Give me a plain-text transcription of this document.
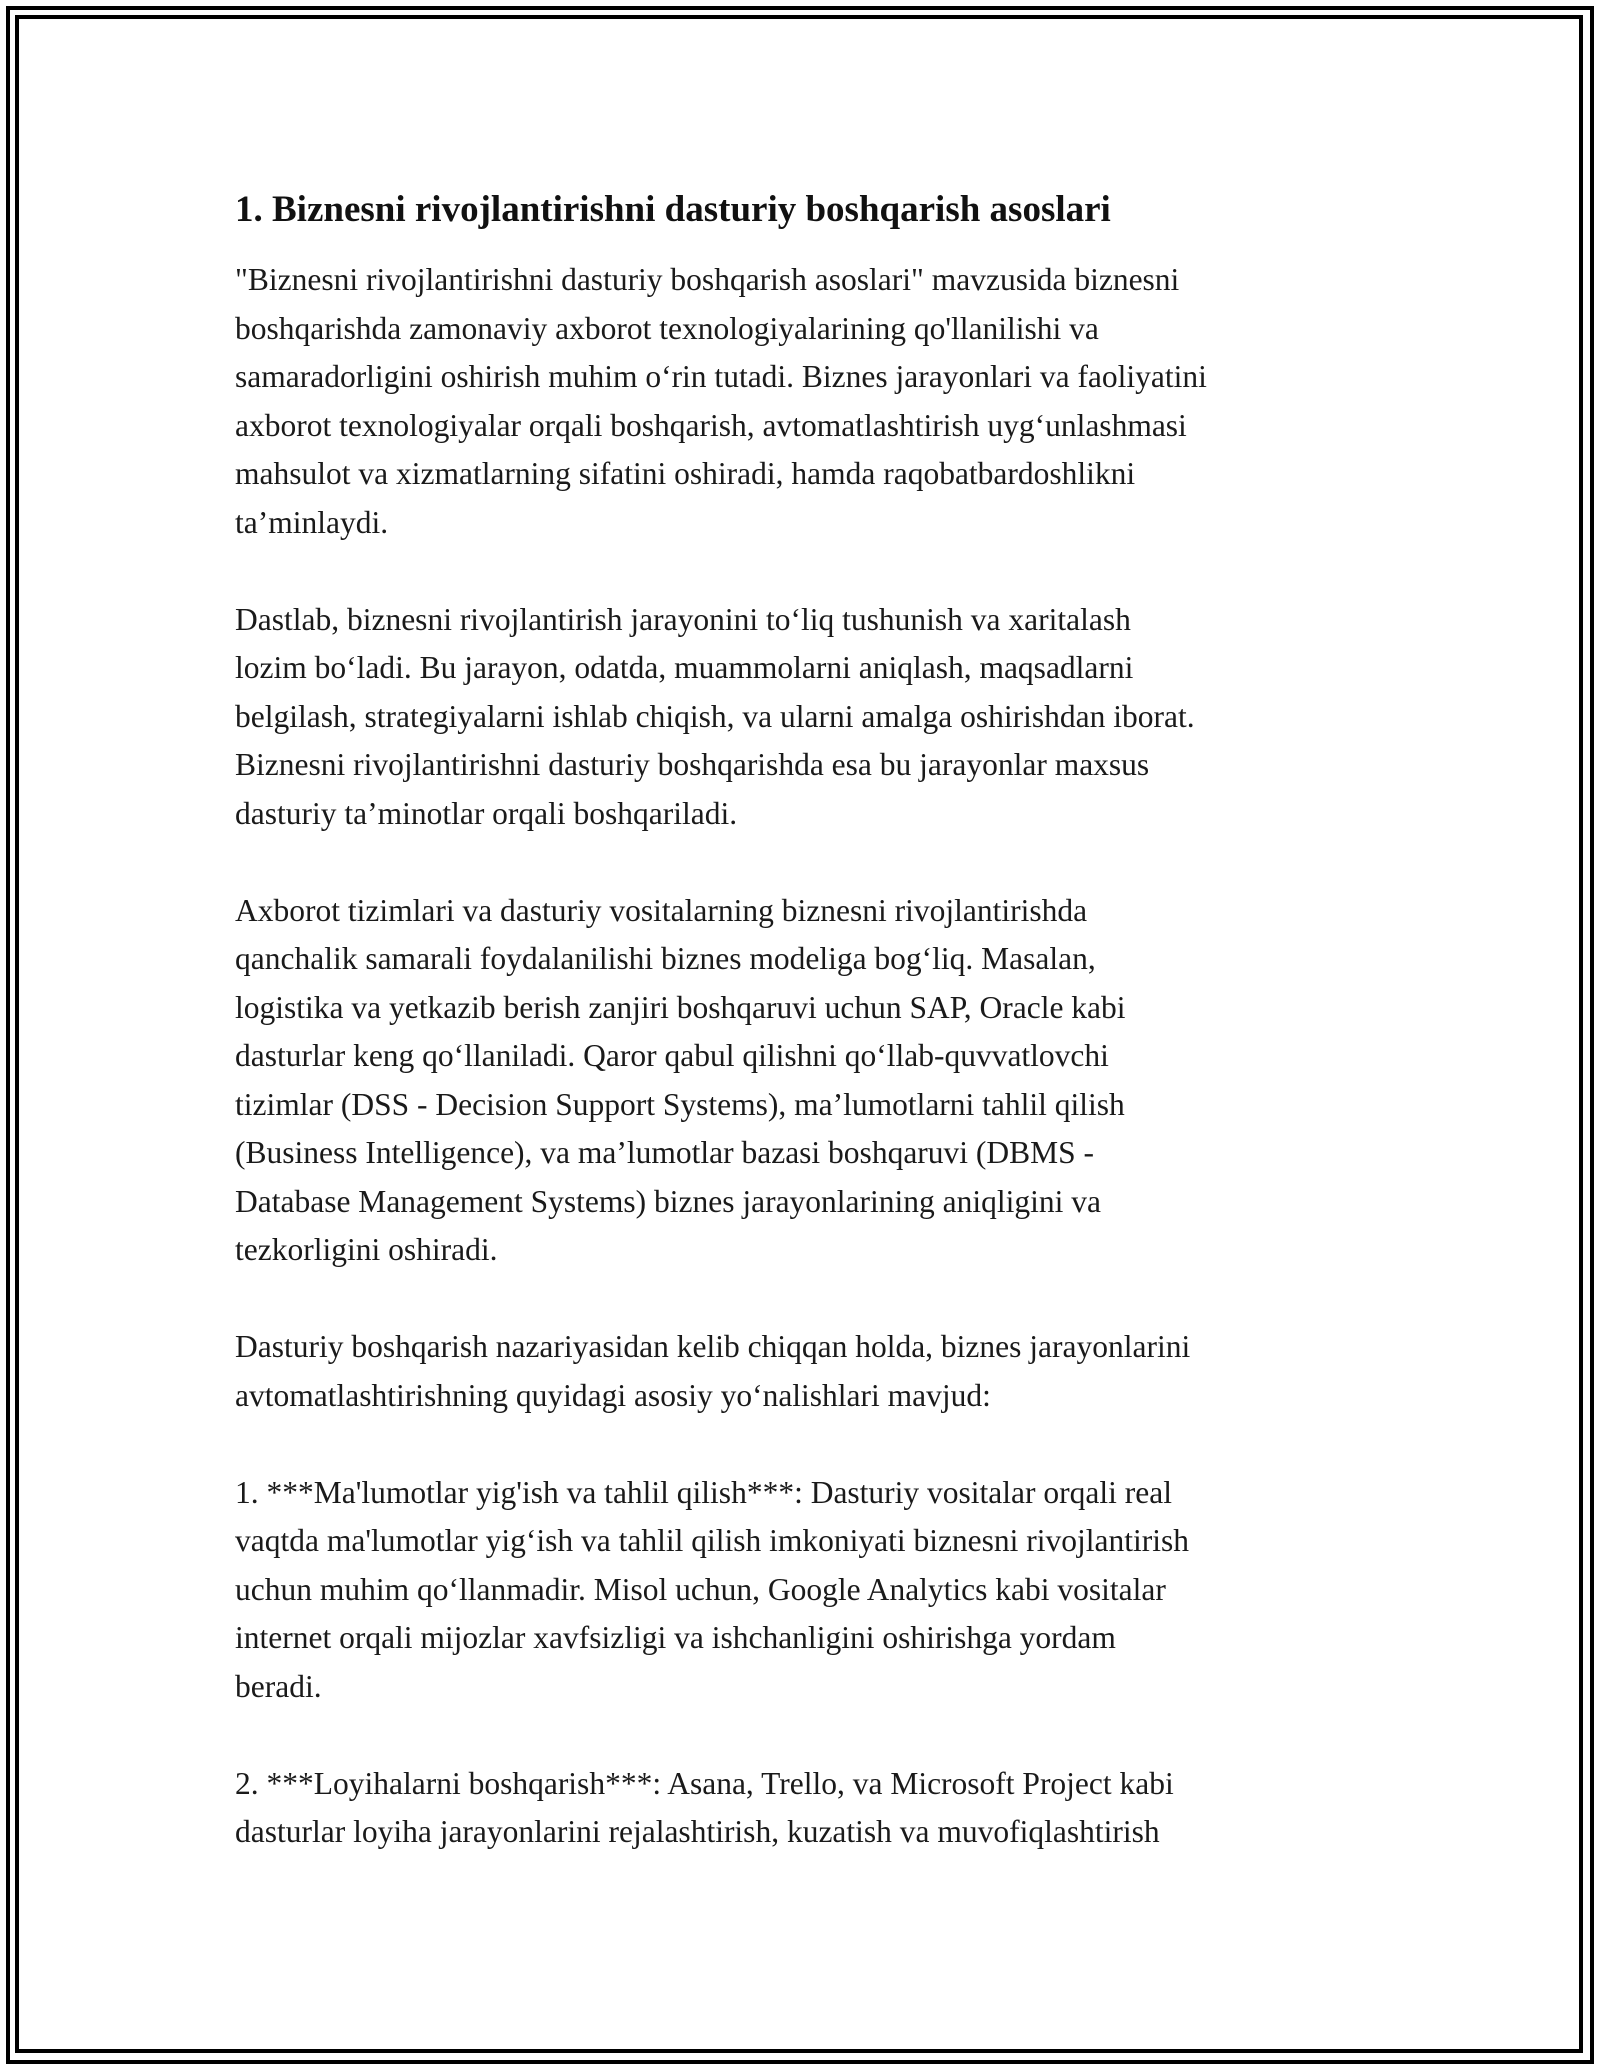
1. Biznesni rivojlantirishni dasturiy boshqarish asoslari
"Biznesni rivojlantirishni dasturiy boshqarish asoslari" mavzusida biznesni
boshqarishda zamonaviy axborot texnologiyalarining qo'llanilishi va
samaradorligini oshirish muhim o‘rin tutadi. Biznes jarayonlari va faoliyatini
axborot texnologiyalar orqali boshqarish, avtomatlashtirish uyg‘unlashmasi
mahsulot va xizmatlarning sifatini oshiradi, hamda raqobatbardoshlikni
ta’minlaydi.
Dastlab, biznesni rivojlantirish jarayonini to‘liq tushunish va xaritalash
lozim bo‘ladi. Bu jarayon, odatda, muammolarni aniqlash, maqsadlarni
belgilash, strategiyalarni ishlab chiqish, va ularni amalga oshirishdan iborat.
Biznesni rivojlantirishni dasturiy boshqarishda esa bu jarayonlar maxsus
dasturiy ta’minotlar orqali boshqariladi.
Axborot tizimlari va dasturiy vositalarning biznesni rivojlantirishda
qanchalik samarali foydalanilishi biznes modeliga bog‘liq. Masalan,
logistika va yetkazib berish zanjiri boshqaruvi uchun SAP, Oracle kabi
dasturlar keng qo‘llaniladi. Qaror qabul qilishni qo‘llab-quvvatlovchi
tizimlar (DSS - Decision Support Systems), ma’lumotlarni tahlil qilish
(Business Intelligence), va ma’lumotlar bazasi boshqaruvi (DBMS -
Database Management Systems) biznes jarayonlarining aniqligini va
tezkorligini oshiradi.
Dasturiy boshqarish nazariyasidan kelib chiqqan holda, biznes jarayonlarini
avtomatlashtirishning quyidagi asosiy yo‘nalishlari mavjud:
1. ***Ma'lumotlar yig'ish va tahlil qilish***: Dasturiy vositalar orqali real
vaqtda ma'lumotlar yig‘ish va tahlil qilish imkoniyati biznesni rivojlantirish
uchun muhim qo‘llanmadir. Misol uchun, Google Analytics kabi vositalar
internet orqali mijozlar xavfsizligi va ishchanligini oshirishga yordam
beradi.
2. ***Loyihalarni boshqarish***: Asana, Trello, va Microsoft Project kabi
dasturlar loyiha jarayonlarini rejalashtirish, kuzatish va muvofiqlashtirish
